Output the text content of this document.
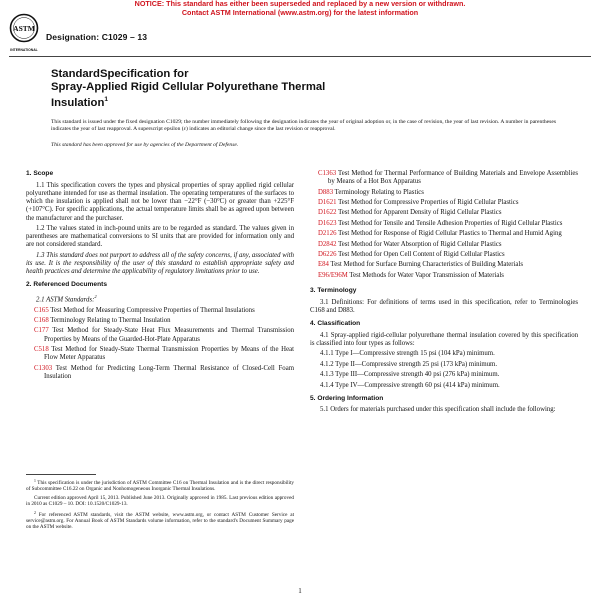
NOTICE: This standard has either been superseded and replaced by a new version or withdrawn.
Contact ASTM International (www.astm.org) for the latest information
ASTM
INTERNATIONAL
Designation: C1029 – 13
StandardSpecification for
Spray-Applied Rigid Cellular Polyurethane Thermal
Insulation$^1$
This standard is issued under the fixed designation C1029; the number immediately following the designation indicates the year of original adoption or, in the case of revision, the year of last revision. A number in parentheses indicates the year of last reapproval. A superscript epsilon (ε) indicates an editorial change since the last revision or reapproval.
This standard has been approved for use by agencies of the Department of Defense.

1. Scope

1.1 This specification covers the types and physical properties of spray applied rigid cellular polyurethane intended for use as thermal insulation. The operating temperatures of the surfaces to which the insulation is applied shall not be lower than −22°F (−30°C) or greater than +225°F (+107°C). For specific applications, the actual temperature limits shall be as agreed upon between the manufacturer and the purchaser.

1.2 The values stated in inch-pound units are to be regarded as standard. The values given in parentheses are mathematical conversions to SI units that are provided for information only and are not considered standard.

1.3 This standard does not purport to address all of the safety concerns, if any, associated with its use. It is the responsibility of the user of this standard to establish appropriate safety and health practices and determine the applicability of regulatory limitations prior to use.

2. Referenced Documents

2.1 ASTM Standards:$^2$

C165 Test Method for Measuring Compressive Properties of Thermal Insulations

C168 Terminology Relating to Thermal Insulation

C177 Test Method for Steady-State Heat Flux Measurements and Thermal Transmission Properties by Means of the Guarded-Hot-Plate Apparatus

C518 Test Method for Steady-State Thermal Transmission Properties by Means of the Heat Flow Meter Apparatus

C1303 Test Method for Predicting Long-Term Thermal Resistance of Closed-Cell Foam Insulation

$^1$ This specification is under the jurisdiction of ASTM Committee C16 on Thermal Insulation and is the direct responsibility of Subcommittee C16.22 on Organic and Nonhomogeneous Inorganic Thermal Insulations.

Current edition approved April 15, 2013. Published June 2013. Originally approved in 1985. Last previous edition approved in 2010 as C1029 – 10. DOI: 10.1520/C1029-13.

$^2$ For referenced ASTM standards, visit the ASTM website, www.astm.org, or contact ASTM Customer Service at service@astm.org. For Annual Book of ASTM Standards volume information, refer to the standard's Document Summary page on the ASTM website.

C1363 Test Method for Thermal Performance of Building Materials and Envelope Assemblies by Means of a Hot Box Apparatus

D883 Terminology Relating to Plastics

D1621 Test Method for Compressive Properties of Rigid Cellular Plastics

D1622 Test Method for Apparent Density of Rigid Cellular Plastics

D1623 Test Method for Tensile and Tensile Adhesion Properties of Rigid Cellular Plastics

D2126 Test Method for Response of Rigid Cellular Plastics to Thermal and Humid Aging

D2842 Test Method for Water Absorption of Rigid Cellular Plastics

D6226 Test Method for Open Cell Content of Rigid Cellular Plastics

E84 Test Method for Surface Burning Characteristics of Building Materials

E96/E96M Test Methods for Water Vapor Transmission of Materials

3. Terminology

3.1 Definitions: For definitions of terms used in this specification, refer to Terminologies C168 and D883.

4. Classification

4.1 Spray-applied rigid-cellular polyurethane thermal insulation covered by this specification is classified into four types as follows:

4.1.1 Type I—Compressive strength 15 psi (104 kPa) minimum.

4.1.2 Type II—Compressive strength 25 psi (173 kPa) minimum.

4.1.3 Type III—Compressive strength 40 psi (276 kPa) minimum.

4.1.4 Type IV—Compressive strength 60 psi (414 kPa) minimum.

5. Ordering Information

5.1 Orders for materials purchased under this specification shall include the following:

1
